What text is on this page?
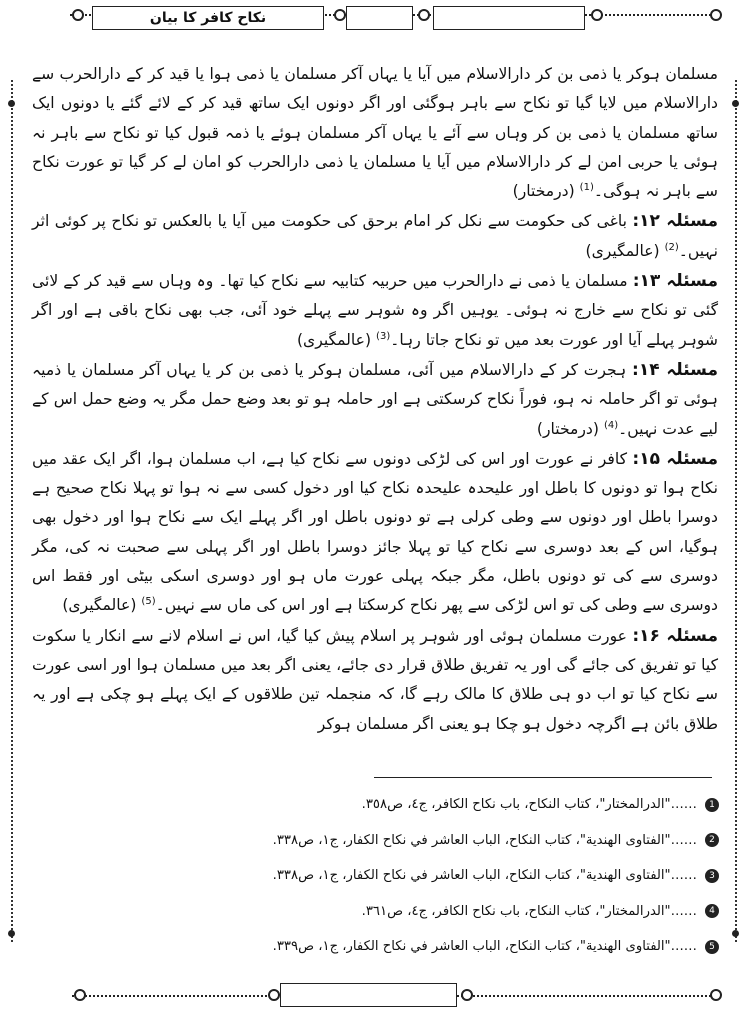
نکاح کافر کا بیان

مسلمان ہوکر یا ذمی بن کر دارالاسلام میں آیا یا یہاں آکر مسلمان یا ذمی ہوا یا قید کر کے دارالحرب سے دارالاسلام میں لایا گیا تو نکاح سے باہر ہوگئی اور اگر دونوں ایک ساتھ قید کر کے لائے گئے یا دونوں ایک ساتھ مسلمان یا ذمی بن کر وہاں سے آئے یا یہاں آکر مسلمان ہوئے یا ذمہ قبول کیا تو نکاح سے باہر نہ ہوئی یا حربی امن لے کر دارالاسلام میں آیا یا مسلمان یا ذمی دارالحرب کو امان لے کر گیا تو عورت نکاح سے باہر نہ ہوگی۔$^{(1)}$ (درمختار)

مسئلہ ۱۲: باغی کی حکومت سے نکل کر امام برحق کی حکومت میں آیا یا بالعکس تو نکاح پر کوئی اثر نہیں۔$^{(2)}$ (عالمگیری)

مسئلہ ۱۳: مسلمان یا ذمی نے دارالحرب میں حربیہ کتابیہ سے نکاح کیا تھا۔ وہ وہاں سے قید کر کے لائی گئی تو نکاح سے خارج نہ ہوئی۔ یوہیں اگر وہ شوہر سے پہلے خود آئی، جب بھی نکاح باقی ہے اور اگر شوہر پہلے آیا اور عورت بعد میں تو نکاح جاتا رہا۔$^{(3)}$ (عالمگیری)

مسئلہ ۱۴: ہجرت کر کے دارالاسلام میں آئی، مسلمان ہوکر یا ذمی بن کر یا یہاں آکر مسلمان یا ذمیہ ہوئی تو اگر حاملہ نہ ہو، فوراً نکاح کرسکتی ہے اور حاملہ ہو تو بعد وضع حمل مگر یہ وضع حمل اس کے لیے عدت نہیں۔$^{(4)}$ (درمختار)

مسئلہ ۱۵: کافر نے عورت اور اس کی لڑکی دونوں سے نکاح کیا ہے، اب مسلمان ہوا، اگر ایک عقد میں نکاح ہوا تو دونوں کا باطل اور علیحدہ علیحدہ نکاح کیا اور دخول کسی سے نہ ہوا تو پہلا نکاح صحیح ہے دوسرا باطل اور دونوں سے وطی کرلی ہے تو دونوں باطل اور اگر پہلے ایک سے نکاح ہوا اور دخول بھی ہوگیا، اس کے بعد دوسری سے نکاح کیا تو پہلا جائز دوسرا باطل اور اگر پہلی سے صحبت نہ کی، مگر دوسری سے کی تو دونوں باطل، مگر جبکہ پہلی عورت ماں ہو اور دوسری اسکی بیٹی اور فقط اس دوسری سے وطی کی تو اس لڑکی سے پھر نکاح کرسکتا ہے اور اس کی ماں سے نہیں۔$^{(5)}$ (عالمگیری)

مسئلہ ۱۶: عورت مسلمان ہوئی اور شوہر پر اسلام پیش کیا گیا، اس نے اسلام لانے سے انکار یا سکوت کیا تو تفریق کی جائے گی اور یہ تفریق طلاق قرار دی جائے، یعنی اگر بعد میں مسلمان ہوا اور اسی عورت سے نکاح کیا تو اب دو ہی طلاق کا مالک رہے گا، کہ منجملہ تین طلاقوں کے ایک پہلے ہو چکی ہے اور یہ طلاق بائن ہے اگرچہ دخول ہو چکا ہو یعنی اگر مسلمان ہوکر

……"الدرالمختار"، كتاب النكاح، باب نكاح الكافر، ج٤، ص٣٥٨.	1
……"الفتاوى الهندية"، كتاب النكاح، الباب العاشر في نكاح الكفار، ج١، ص٣٣٨.	2
……"الفتاوى الهندية"، كتاب النكاح، الباب العاشر في نكاح الكفار، ج١، ص٣٣٨.	3
……"الدرالمختار"، كتاب النكاح، باب نكاح الكافر، ج٤، ص٣٦١.	4
……"الفتاوى الهندية"، كتاب النكاح، الباب العاشر في نكاح الكفار، ج١، ص٣٣٩.	5
